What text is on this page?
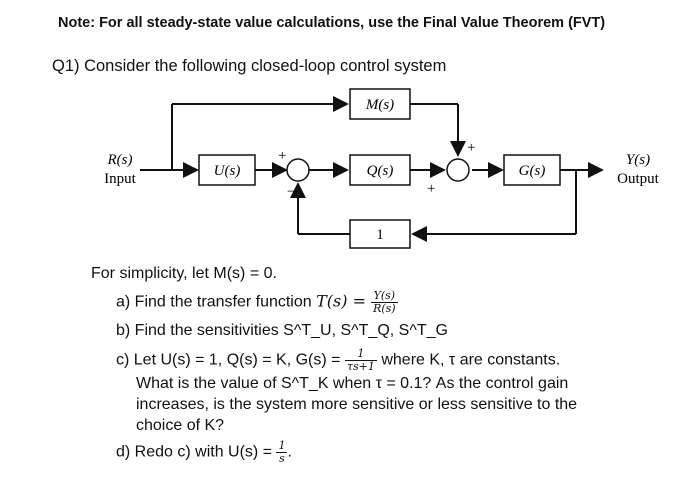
Note: For all steady-state value calculations, use the Final Value Theorem (FVT)
Q1) Consider the following closed-loop control system
U(s)
M(s)
Q(s)	G(s)
1
R(s)
Input
Y(s)
Output
+
−
+
+
For simplicity, let M(s) = 0.
a) Find the transfer function $T(s) = \frac{Y(s)}{R(s)}$
b) Find the sensitivities S^T_U, S^T_Q, S^T_G
c) Let U(s) = 1, Q(s) = K, $G(s) = \frac{1}{\tau s+1}$ where K, τ are constants.
What is the value of S^T_K when τ = 0.1? As the control gain
increases, is the system more sensitive or less sensitive to the
choice of K?
d) Redo c) with $U(s) = \frac{1}{s}$ .
